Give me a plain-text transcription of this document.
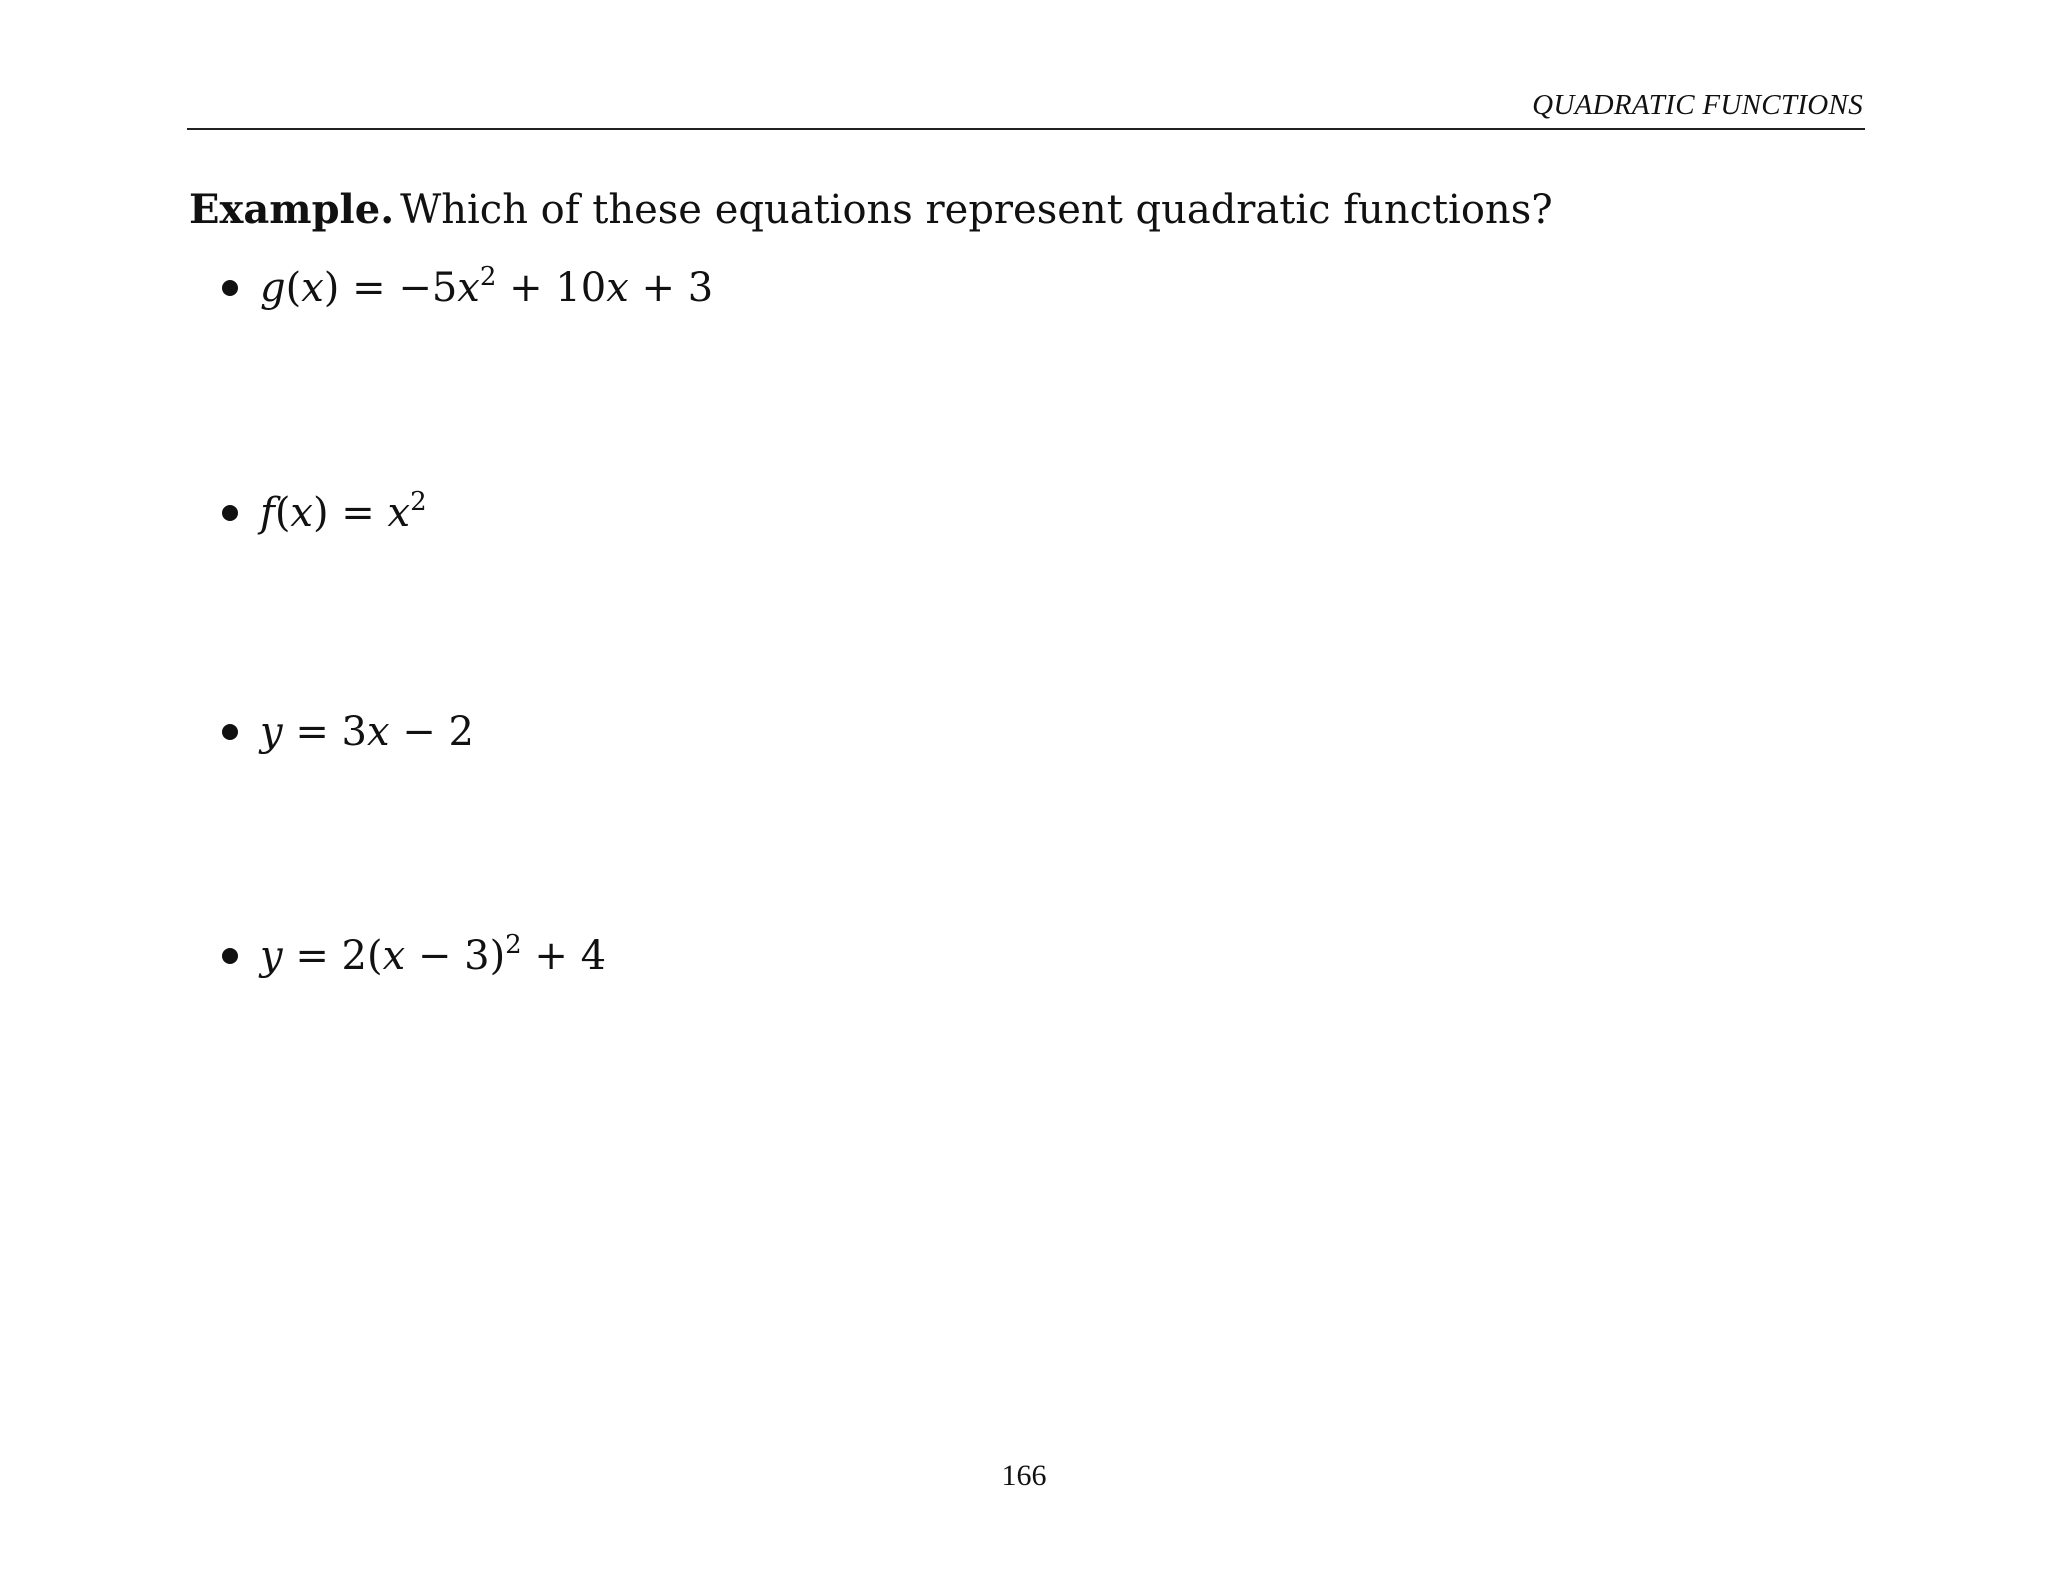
QUADRATIC FUNCTIONS
Example. Which of these equations represent quadratic functions?
$g(x) = -5x^2 + 10x + 3$
$f(x) = x^2$
y = 3x − 2
$y = 2(x - 3)^2 + 4$
166
